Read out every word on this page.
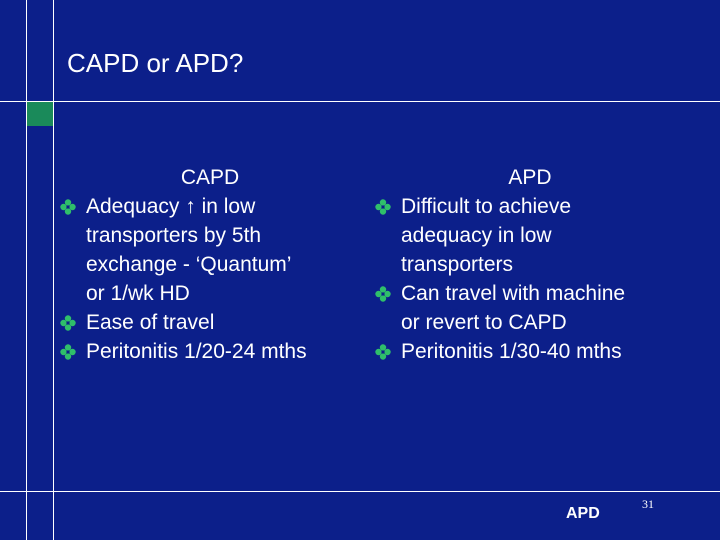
CAPD or APD?
CAPD
Adequacy ↑ in low
transporters by 5th
exchange - ‘Quantum’
or 1/wk HD
Ease of travel
Peritonitis 1/20-24 mths
APD
Difficult to achieve
adequacy in low
transporters
Can travel with machine
or revert to CAPD
Peritonitis 1/30-40 mths
APD
31
